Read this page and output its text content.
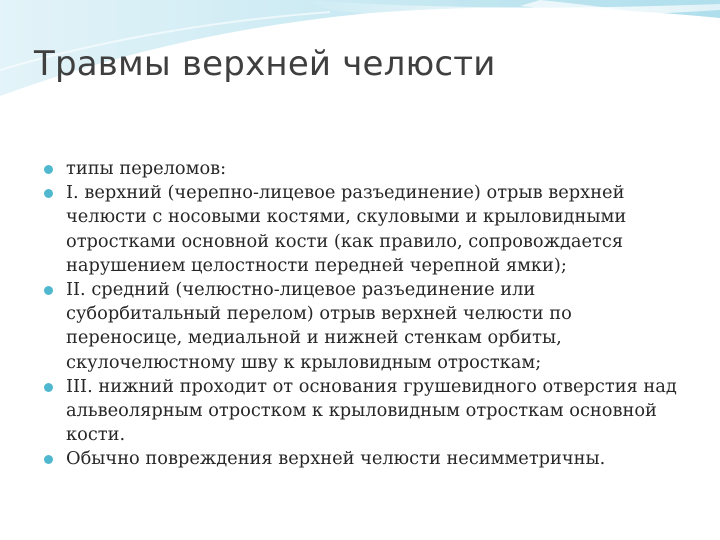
Травмы верхней челюсти
типы переломов:
I. верхний (черепно-лицевое разъединение) отрыв верхней челюсти с носовыми костями, скуловыми и крыловидными отростками основной кости (как правило, сопровождается нарушением целостности передней черепной ямки);
II. средний (челюстно-лицевое разъединение или суборбитальный перелом) отрыв верхней челюсти по переносице, медиальной и нижней стенкам орбиты, скулочелюстному шву к крыловидным отросткам;
III. нижний проходит от основания грушевидного отверстия над альвеолярным отростком к крыловидным отросткам основной кости.
Обычно повреждения верхней челюсти несимметричны.
